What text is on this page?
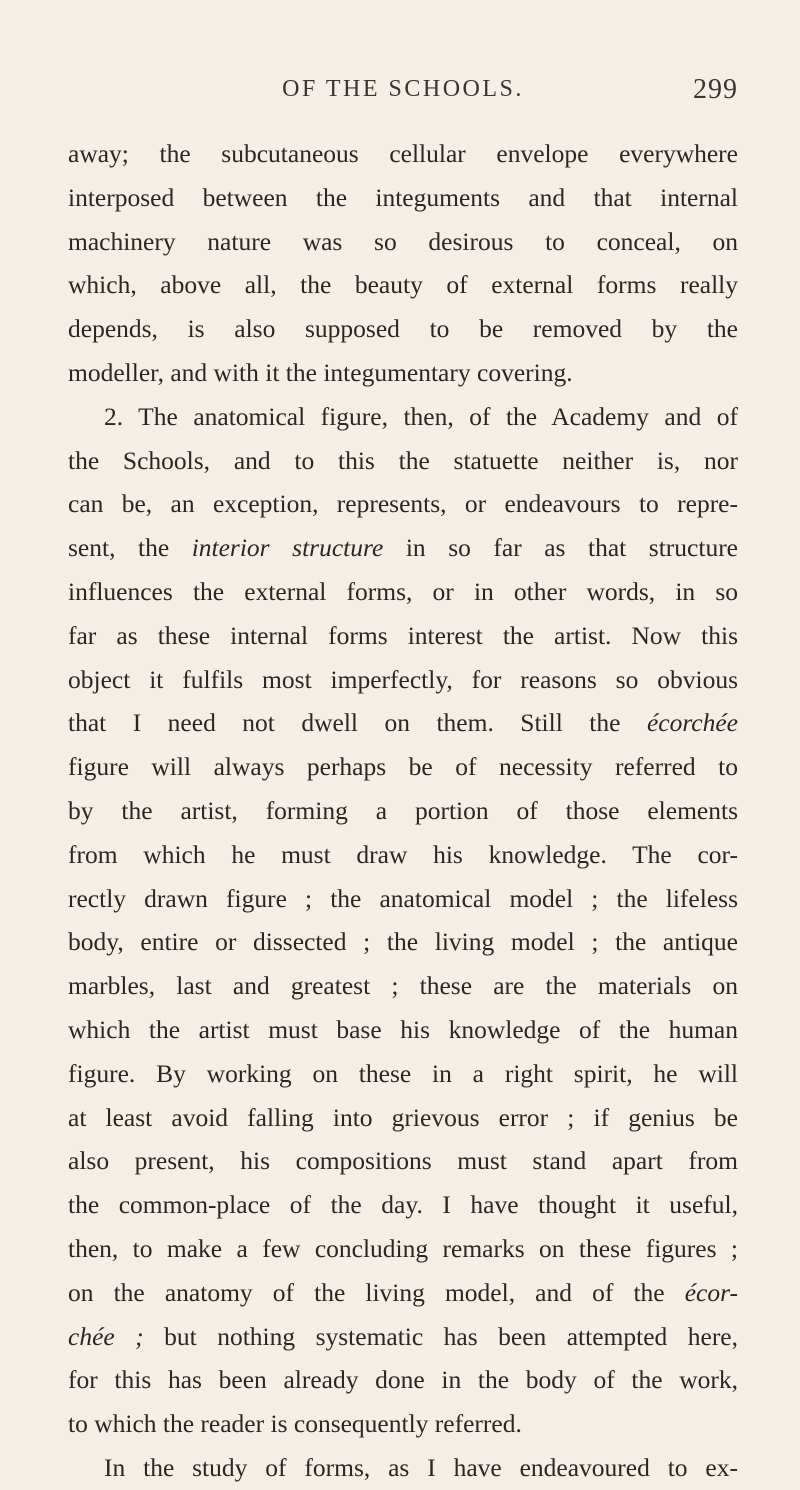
OF THE SCHOOLS.	299
away; the subcutaneous cellular envelope everywhere
interposed between the integuments and that internal
machinery nature was so desirous to conceal, on
which, above all, the beauty of external forms really
depends, is also supposed to be removed by the
modeller, and with it the integumentary covering.
2. The anatomical figure, then, of the Academy and of
the Schools, and to this the statuette neither is, nor
can be, an exception, represents, or endeavours to repre-
sent, the interior structure in so far as that structure
influences the external forms, or in other words, in so
far as these internal forms interest the artist. Now this
object it fulfils most imperfectly, for reasons so obvious
that I need not dwell on them. Still the écorchée
figure will always perhaps be of necessity referred to
by the artist, forming a portion of those elements
from which he must draw his knowledge. The cor-
rectly drawn figure ; the anatomical model ; the lifeless
body, entire or dissected ; the living model ; the antique
marbles, last and greatest ; these are the materials on
which the artist must base his knowledge of the human
figure. By working on these in a right spirit, he will
at least avoid falling into grievous error ; if genius be
also present, his compositions must stand apart from
the common-place of the day. I have thought it useful,
then, to make a few concluding remarks on these figures ;
on the anatomy of the living model, and of the écor-
chée ; but nothing systematic has been attempted here,
for this has been already done in the body of the work,
to which the reader is consequently referred.
In the study of forms, as I have endeavoured to ex-
